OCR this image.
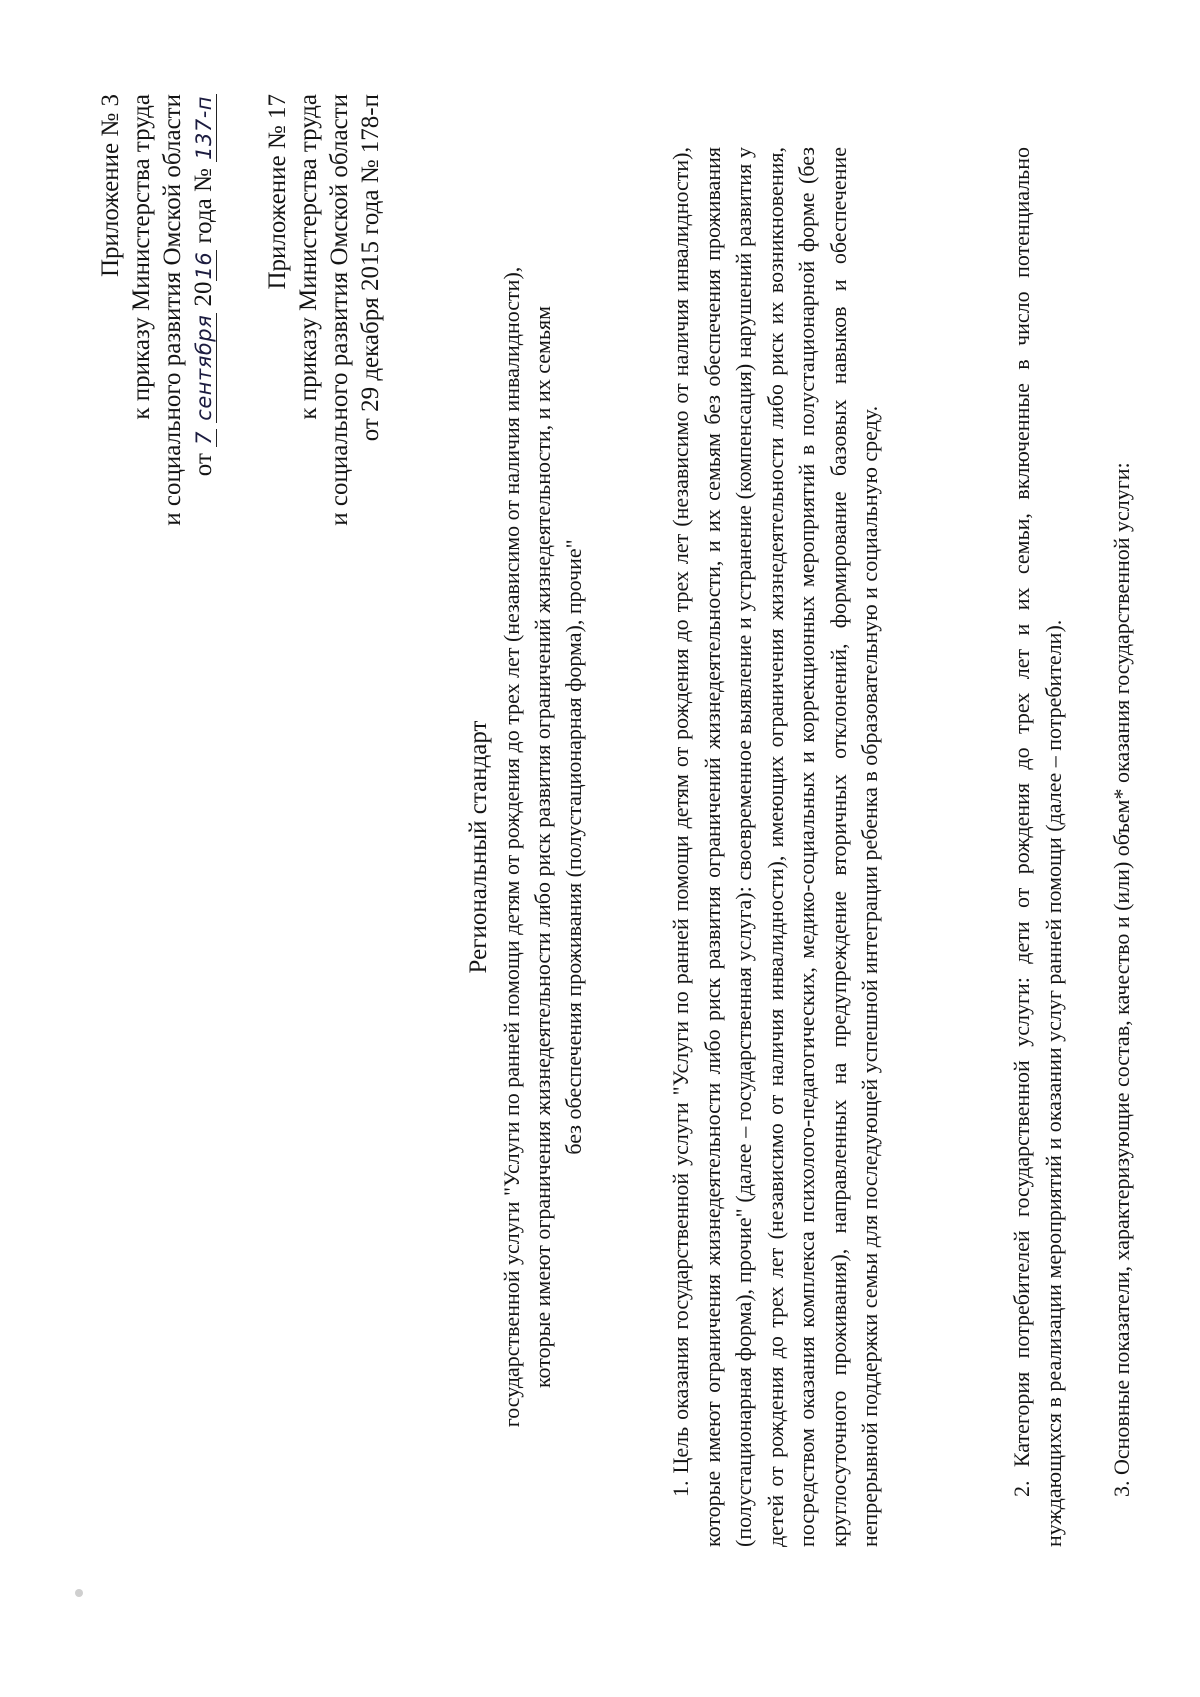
Приложение № 3 к приказу Министерства труда и социального развития Омской области от 7 сентября 2016 года № 137-п Приложение № 17 к приказу Министерства труда и социального развития Омской области от 29 декабря 2015 года № 178-п
Региональный стандарт государственной услуги "Услуги по ранней помощи детям от рождения до трех лет (независимо от наличия инвалидности), которые имеют ограничения жизнедеятельности либо риск развития ограничений жизнедеятельности, и их семьям без обеспечения проживания (полустационарная форма), прочие"	1. Цель оказания государственной услуги "Услуги по ранней помощи детям от рождения до трех лет (независимо от наличия инвалидности), которые имеют ограничения жизнедеятельности либо риск развития ограничений жизнедеятельности, и их семьям без обеспечения проживания (полустационарная форма), прочие" (далее – государственная услуга): своевременное выявление и устранение (компенсация) нарушений развития у детей от рождения до трех лет (независимо от наличия инвалидности), имеющих ограничения жизнедеятельности либо риск их возникновения, посредством оказания комплекса психолого-педагогических, медико-социальных и коррекционных мероприятий в полустационарной форме (без круглосуточного проживания), направленных на предупреждение вторичных отклонений, формирование базовых навыков и обеспечение непрерывной поддержки семьи для последующей успешной интеграции ребенка в образовательную и социальную среду.	2. Категория потребителей государственной услуги: дети от рождения до трех лет и их семьи, включенные в число потенциально нуждающихся в реализации мероприятий и оказании услуг ранней помощи (далее – потребители). 3. Основные показатели, характеризующие состав, качество и (или) объем* оказания государственной услуги:
